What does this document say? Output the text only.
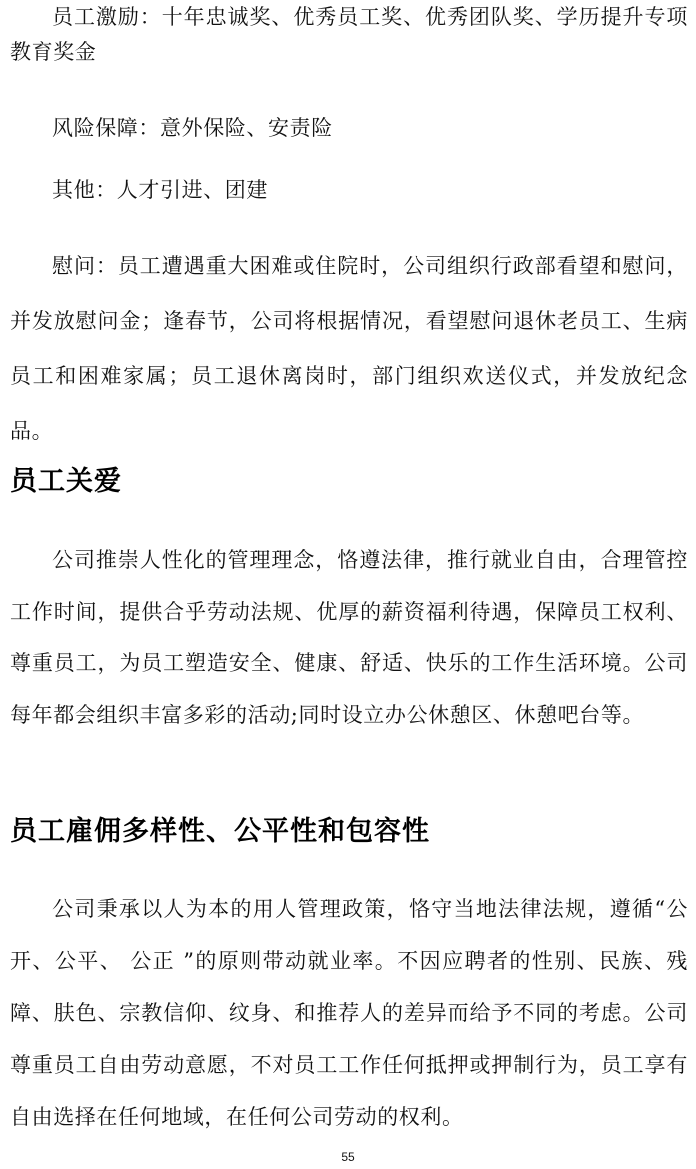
员工激励：十年忠诚奖、优秀员工奖、优秀团队奖、学历提升专项教育奖金

风险保障：意外保险、安责险

其他：人才引进、团建

慰问：员工遭遇重大困难或住院时，公司组织行政部看望和慰问，并发放慰问金；逢春节，公司将根据情况，看望慰问退休老员工、生病员工和困难家属；员工退休离岗时，部门组织欢送仪式，并发放纪念品。

员工关爱

公司推崇人性化的管理理念，恪遵法律，推行就业自由，合理管控工作时间，提供合乎劳动法规、优厚的薪资福利待遇，保障员工权利、尊重员工，为员工塑造安全、健康、舒适、快乐的工作生活环境。公司每年都会组织丰富多彩的活动;同时设立办公休憩区、休憩吧台等。

员工雇佣多样性、公平性和包容性

公司秉承以人为本的用人管理政策，恪守当地法律法规，遵循“公开、公平、 公正 ”的原则带动就业率。不因应聘者的性别、民族、残障、肤色、宗教信仰、纹身、和推荐人的差异而给予不同的考虑。公司尊重员工自由劳动意愿，不对员工工作任何抵押或押制行为，员工享有自由选择在任何地域，在任何公司劳动的权利。

55
